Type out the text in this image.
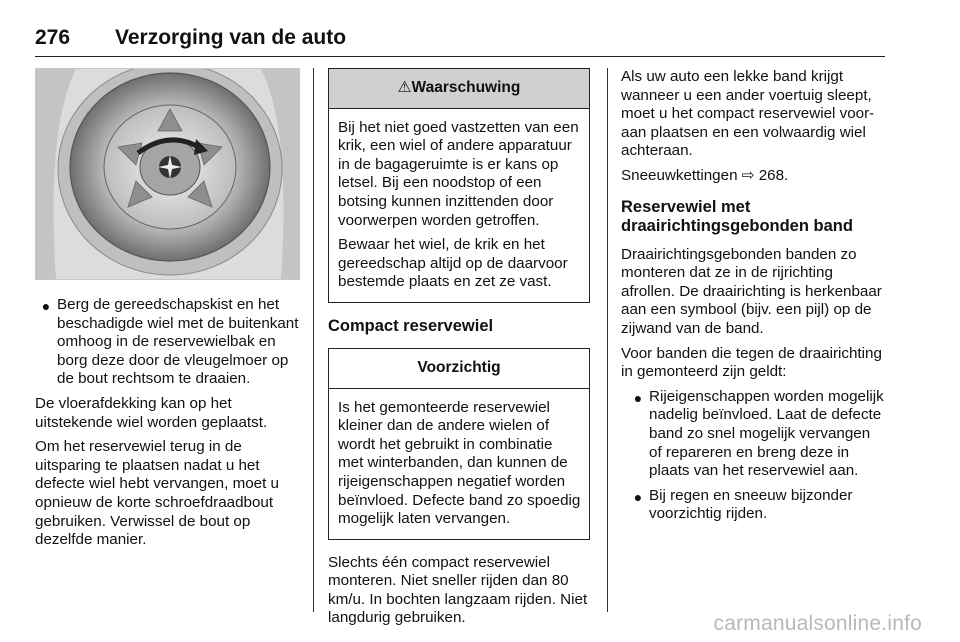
276 Verzorging van de auto
● Berg de gereedschapskist en het beschadigde wiel met de buitenkant omhoog in de reservewielbak en borg deze door de vleugelmoer op de bout rechtsom te draaien.

De vloerafdekking kan op het uitstekende wiel worden geplaatst.

Om het reservewiel terug in de uitsparing te plaatsen nadat u het defecte wiel hebt vervangen, moet u opnieuw de korte schroefdraadbout gebruiken. Verwissel de bout op dezelfde manier.

⚠Waarschuwing

Bij het niet goed vastzetten van een krik, een wiel of andere apparatuur in de bagageruimte is er kans op letsel. Bij een noodstop of een botsing kunnen inzittenden door voorwerpen worden getroffen.

Bewaar het wiel, de krik en het gereedschap altijd op de daarvoor bestemde plaats en zet ze vast.

Compact reservewiel
Voorzichtig

Is het gemonteerde reservewiel kleiner dan de andere wielen of wordt het gebruikt in combinatie met winterbanden, dan kunnen de rijeigenschappen negatief worden beïnvloed. Defecte band zo spoedig mogelijk laten vervangen.

Slechts één compact reservewiel monteren. Niet sneller rijden dan 80 km/u. In bochten langzaam rijden. Niet langdurig gebruiken.

Als uw auto een lekke band krijgt wanneer u een ander voertuig sleept, moet u het compact reservewiel vooraan plaatsen en een volwaardig wiel achteraan.

Sneeuwkettingen ⇨ 268.

Reservewiel met draairichtingsgebonden band

Draairichtingsgebonden banden zo monteren dat ze in de rijrichting afrollen. De draairichting is herkenbaar aan een symbool (bijv. een pijl) op de zijwand van de band.

Voor banden die tegen de draairichting in gemonteerd zijn geldt:

● Rijeigenschappen worden mogelijk nadelig beïnvloed. Laat de defecte band zo snel mogelijk vervangen of repareren en breng deze in plaats van het reservewiel aan.
● Bij regen en sneeuw bijzonder voorzichtig rijden.
carmanualsonline.info
